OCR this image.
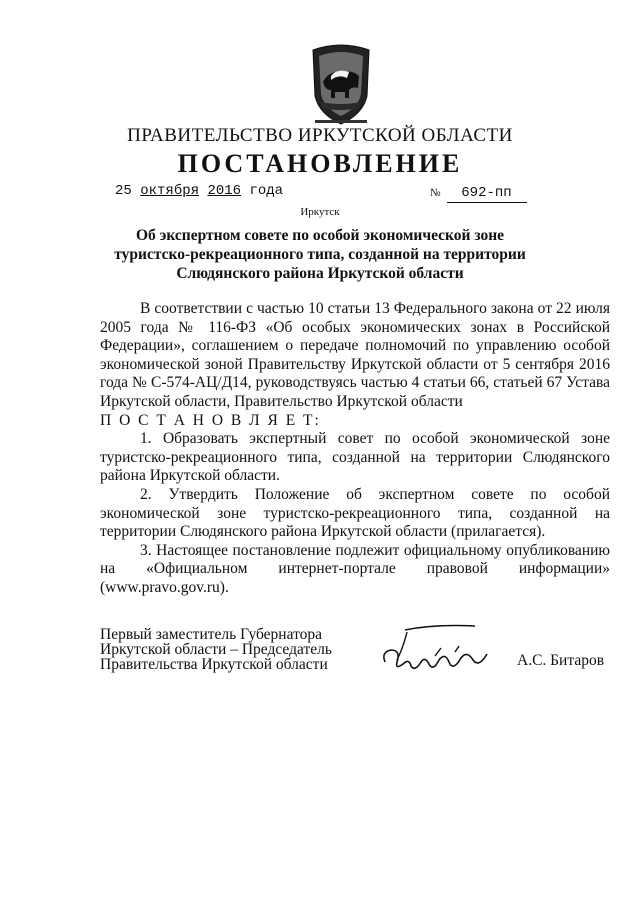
ПРАВИТЕЛЬСТВО ИРКУТСКОЙ ОБЛАСТИ
ПОСТАНОВЛЕНИЕ
25 октября 2016 года	№ 692-пп
Иркутск
Об экспертном совете по особой экономической зоне туристско-рекреационного типа, созданной на территории Слюдянского района Иркутской области

В соответствии с частью 10 статьи 13 Федерального закона от 22 июля 2005 года № 116-ФЗ «Об особых экономических зонах в Российской Федерации», соглашением о передаче полномочий по управлению особой экономической зоной Правительству Иркутской области от 5 сентября 2016 года № С-574-АЦ/Д14, руководствуясь частью 4 статьи 66, статьей 67 Устава Иркутской области, Правительство Иркутской области

П О С Т А Н О В Л Я Е Т:

1. Образовать экспертный совет по особой экономической зоне туристско-рекреационного типа, созданной на территории Слюдянского района Иркутской области.

2. Утвердить Положение об экспертном совете по особой экономической зоне туристско-рекреационного типа, созданной на территории Слюдянского района Иркутской области (прилагается).

3. Настоящее постановление подлежит официальному опубликованию на «Официальном интернет-портале правовой информации» (www.pravo.gov.ru).

Первый заместитель Губернатора
Иркутской области – Председатель
Правительства Иркутской области	А.С. Битаров
